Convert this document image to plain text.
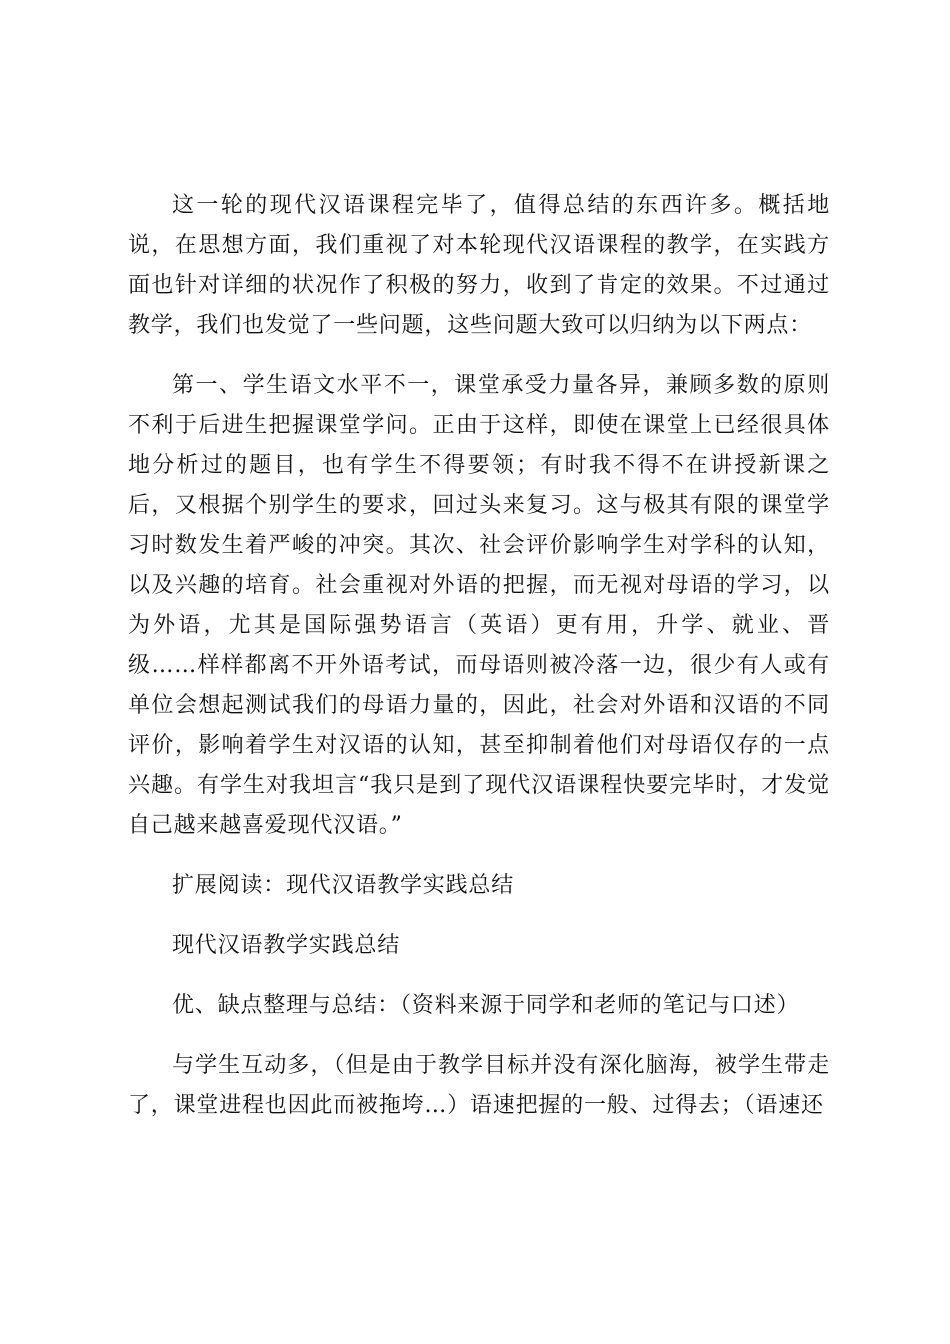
这一轮的现代汉语课程完毕了，值得总结的东西许多。概括地说，在思想方面，我们重视了对本轮现代汉语课程的教学，在实践方面也针对详细的状况作了积极的努力，收到了肯定的效果。不过通过教学，我们也发觉了一些问题，这些问题大致可以归纳为以下两点：

第一、学生语文水平不一，课堂承受力量各异，兼顾多数的原则不利于后进生把握课堂学问。正由于这样，即使在课堂上已经很具体地分析过的题目，也有学生不得要领；有时我不得不在讲授新课之后，又根据个别学生的要求，回过头来复习。这与极其有限的课堂学习时数发生着严峻的冲突。其次、社会评价影响学生对学科的认知，以及兴趣的培育。社会重视对外语的把握，而无视对母语的学习，以为外语，尤其是国际强势语言（英语）更有用，升学、就业、晋级……样样都离不开外语考试，而母语则被冷落一边，很少有人或有单位会想起测试我们的母语力量的，因此，社会对外语和汉语的不同评价，影响着学生对汉语的认知，甚至抑制着他们对母语仅存的一点兴趣。有学生对我坦言“我只是到了现代汉语课程快要完毕时，才发觉自己越来越喜爱现代汉语。”

扩展阅读：现代汉语教学实践总结

现代汉语教学实践总结

优、缺点整理与总结：（资料来源于同学和老师的笔记与口述）

与学生互动多，（但是由于教学目标并没有深化脑海，被学生带走了，课堂进程也因此而被拖垮…）语速把握的一般、过得去；（语速还
